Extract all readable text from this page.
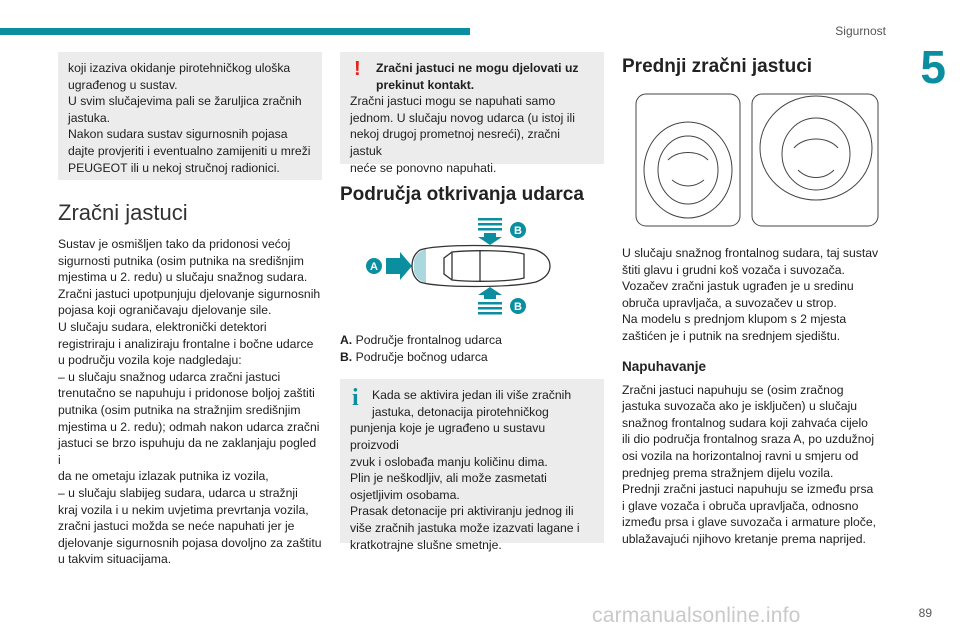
Sigurnost
5

koji izaziva okidanje pirotehničkog uloška
ugrađenog u sustav.
U svim slučajevima pali se žaruljica zračnih
jastuka.
Nakon sudara sustav sigurnosnih pojasa
dajte provjeriti i eventualno zamijeniti u mreži
PEUGEOT ili u nekoj stručnoj radionici.

Zračni jastuci

Sustav je osmišljen tako da pridonosi većoj
sigurnosti putnika (osim putnika na središnjim
mjestima u 2. redu) u slučaju snažnog sudara.
Zračni jastuci upotpunjuju djelovanje sigurnosnih
pojasa koji ograničavaju djelovanje sile.
U slučaju sudara, elektronički detektori
registriraju i analiziraju frontalne i bočne udarce
u području vozila koje nadgledaju:
– u slučaju snažnog udarca zračni jastuci
trenutačno se napuhuju i pridonose boljoj zaštiti
putnika (osim putnika na stražnjim središnjim
mjestima u 2. redu); odmah nakon udarca zračni
jastuci se brzo ispuhuju da ne zaklanjaju pogled i
da ne ometaju izlazak putnika iz vozila,
– u slučaju slabijeg sudara, udarca u stražnji
kraj vozila i u nekim uvjetima prevrtanja vozila,
zračni jastuci možda se neće napuhati jer je
djelovanje sigurnosnih pojasa dovoljno za zaštitu
u takvim situacijama.

!	Zračni jastuci ne mogu djelovati uz
prekinut kontakt.

Zračni jastuci mogu se napuhati samo
jednom. U slučaju novog udarca (u istoj ili
nekoj drugoj prometnoj nesreći), zračni jastuk
neće se ponovno napuhati.

Područja otkrivanja udarca
A
B
B
A. Područje frontalnog udarca
B. Područje bočnog udarca
i	Kada se aktivira jedan ili više zračnih
jastuka, detonacija pirotehničkog

punjenja koje je ugrađeno u sustavu proizvodi
zvuk i oslobađa manju količinu dima.
Plin je neškodljiv, ali može zasmetati
osjetljivim osobama.
Prasak detonacije pri aktiviranju jednog ili
više zračnih jastuka može izazvati lagane i
kratkotrajne slušne smetnje.

Prednji zračni jastuci

U slučaju snažnog frontalnog sudara, taj sustav
štiti glavu i grudni koš vozača i suvozača.
Vozačev zračni jastuk ugrađen je u sredinu
obruča upravljača, a suvozačev u strop.
Na modelu s prednjom klupom s 2 mjesta
zaštićen je i putnik na srednjem sjedištu.

Napuhavanje

Zračni jastuci napuhuju se (osim zračnog
jastuka suvozača ako je isključen) u slučaju
snažnog frontalnog sudara koji zahvaća cijelo
ili dio područja frontalnog sraza A, po uzdužnoj
osi vozila na horizontalnoj ravni u smjeru od
prednjeg prema stražnjem dijelu vozila.
Prednji zračni jastuci napuhuju se između prsa
i glave vozača i obruča upravljača, odnosno
između prsa i glave suvozača i armature ploče,
ublažavajući njihovo kretanje prema naprijed.

carmanualsonline.info	89
